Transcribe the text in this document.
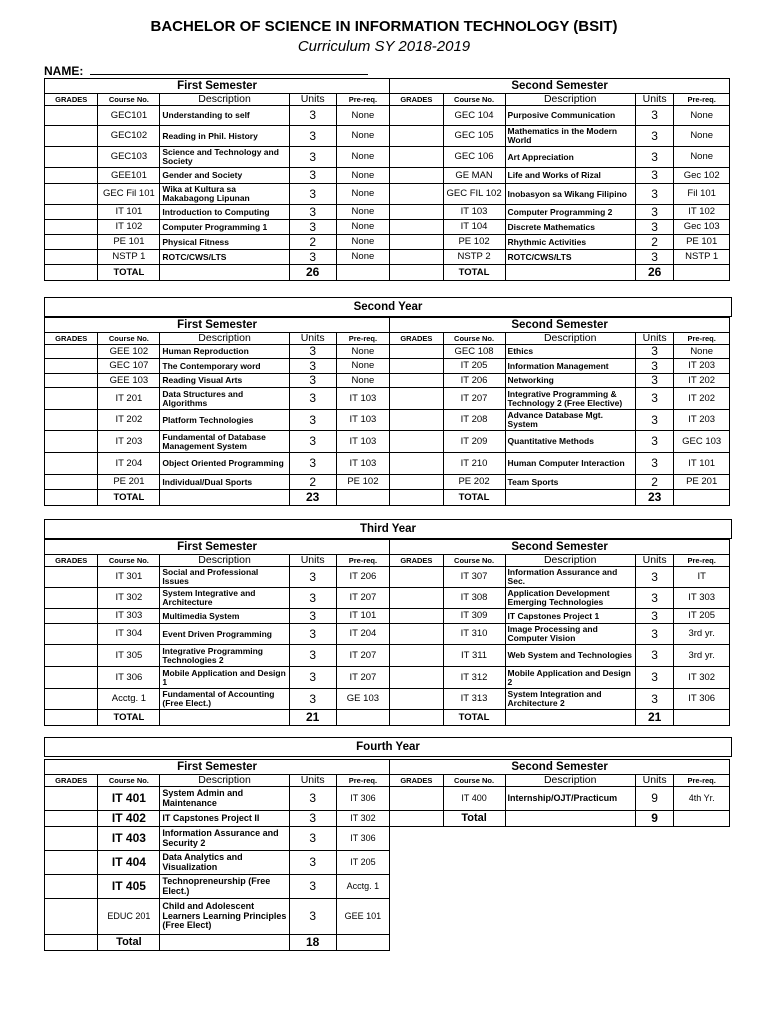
BACHELOR OF SCIENCE IN INFORMATION TECHNOLOGY (BSIT)
Curriculum SY 2018-2019
NAME:
First Semester					Second Semester				
GRADES	Course No.	Description	Units	Pre-req.	GRADES	Course No.	Description	Units	Pre-req.
	GEC101	Understanding to self	3	None		GEC 104	Purposive Communication	3	None
	GEC102	Reading in Phil. History	3	None		GEC 105	Mathematics in the Modern World	3	None
	GEC103	Science and Technology and Society	3	None		GEC 106	Art Appreciation	3	None
	GEE101	Gender and Society	3	None		GE MAN	Life and Works of Rizal	3	Gec 102
	GEC Fil 101	Wika at Kultura sa Makabagong Lipunan	3	None		GEC FIL 102	Inobasyon sa Wikang Filipino	3	Fil 101
	IT 101	Introduction to Computing	3	None		IT 103	Computer Programming 2	3	IT 102
	IT 102	Computer Programming 1	3	None		IT 104	Discrete Mathematics	3	Gec 103
	PE 101	Physical Fitness	2	None		PE 102	Rhythmic Activities	2	PE 101
	NSTP 1	ROTC/CWS/LTS	3	None		NSTP 2	ROTC/CWS/LTS	3	NSTP 1
	TOTAL		26			TOTAL		26	
Second Year
First Semester					Second Semester				
GRADES	Course No.	Description	Units	Pre-req.	GRADES	Course No.	Description	Units	Pre-req.
	GEE 102	Human Reproduction	3	None		GEC 108	Ethics	3	None
	GEC 107	The Contemporary word	3	None		IT 205	Information Management	3	IT 203
	GEE 103	Reading Visual Arts	3	None		IT 206	Networking	3	IT 202
	IT 201	Data Structures and Algorithms	3	IT 103		IT 207	Integrative Programming & Technology 2 (Free Elective)	3	IT 202
	IT 202	Platform Technologies	3	IT 103		IT 208	Advance Database Mgt. System	3	IT 203
	IT 203	Fundamental of Database Management System	3	IT 103		IT 209	Quantitative Methods	3	GEC 103
	IT 204	Object Oriented Programming	3	IT 103		IT 210	Human Computer Interaction	3	IT 101
	PE 201	Individual/Dual Sports	2	PE 102		PE 202	Team Sports	2	PE 201
	TOTAL		23			TOTAL		23	
Third Year
First Semester					Second Semester				
GRADES	Course No.	Description	Units	Pre-req.	GRADES	Course No.	Description	Units	Pre-req.
	IT 301	Social and Professional Issues	3	IT 206		IT 307	Information Assurance and Sec.	3	IT
	IT 302	System Integrative and Architecture	3	IT 207		IT 308	Application Development Emerging Technologies	3	IT 303
	IT 303	Multimedia System	3	IT 101		IT 309	IT Capstones Project 1	3	IT 205
	IT 304	Event Driven Programming	3	IT 204		IT 310	Image Processing and Computer Vision	3	3rd yr.
	IT 305	Integrative Programming Technologies 2	3	IT 207		IT 311	Web System and Technologies	3	3rd yr.
	IT 306	Mobile Application and Design 1	3	IT 207		IT 312	Mobile Application and Design 2	3	IT 302
	Acctg. 1	Fundamental of Accounting (Free Elect.)	3	GE 103		IT 313	System Integration and Architecture 2	3	IT 306
	TOTAL		21			TOTAL		21	
Fourth Year
First Semester					Second Semester				
GRADES	Course No.	Description	Units	Pre-req.	GRADES	Course No.	Description	Units	Pre-req.
	IT 401	System Admin and Maintenance	3	IT 306		IT 400	Internship/OJT/Practicum	9	4th Yr.
	IT 402	IT Capstones Project II	3	IT 302		Total		9	
	IT 403	Information Assurance and Security 2	3	IT 306					
	IT 404	Data Analytics and Visualization	3	IT 205					
	IT 405	Technopreneurship (Free Elect.)	3	Acctg. 1					
	EDUC 201	Child and Adolescent Learners Learning Principles (Free Elect)	3	GEE 101					
	Total		18						
